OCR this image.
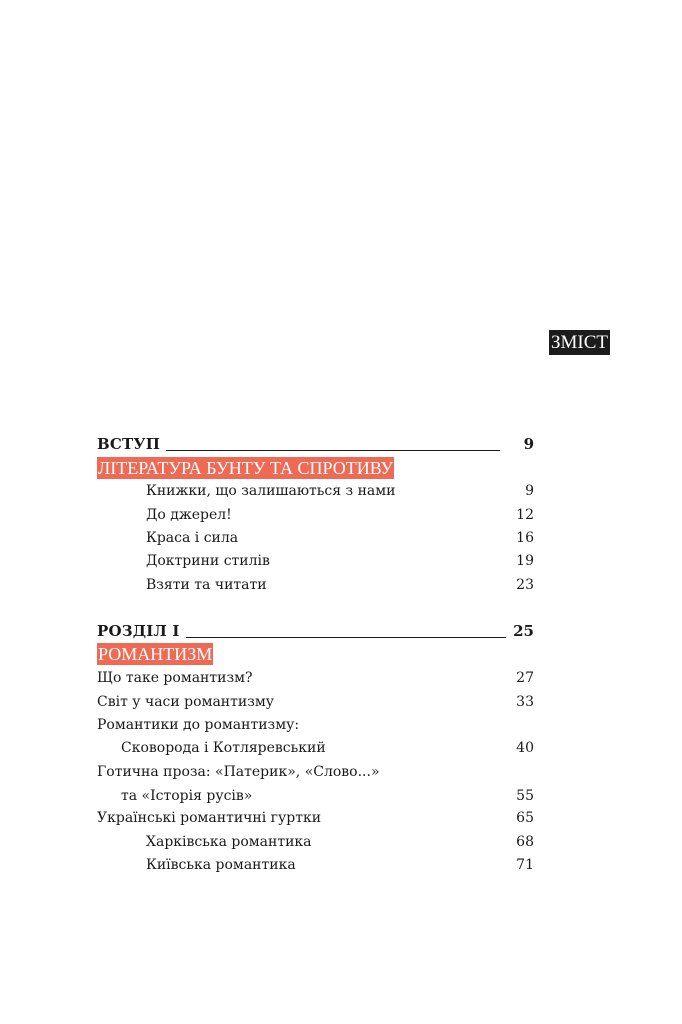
ЗМІСТ
ВСТУП	9
ЛІТЕРАТУРА БУНТУ ТА СПРОТИВУ
Книжки, що залишаються з нами	9
До джерел!	12
Краса і сила	16
Доктрини стилів	19
Взяти та читати	23
РОЗДІЛ І	25
РОМАНТИЗМ
Що таке романтизм?	27
Світ у часи романтизму	33
Романтики до романтизму:
Сковорода і Котляревський	40
Готична проза: «Патерик», «Слово...»
та «Історія русів»	55
Українські романтичні гуртки	65
Харківська романтика	68
Київська романтика	71
